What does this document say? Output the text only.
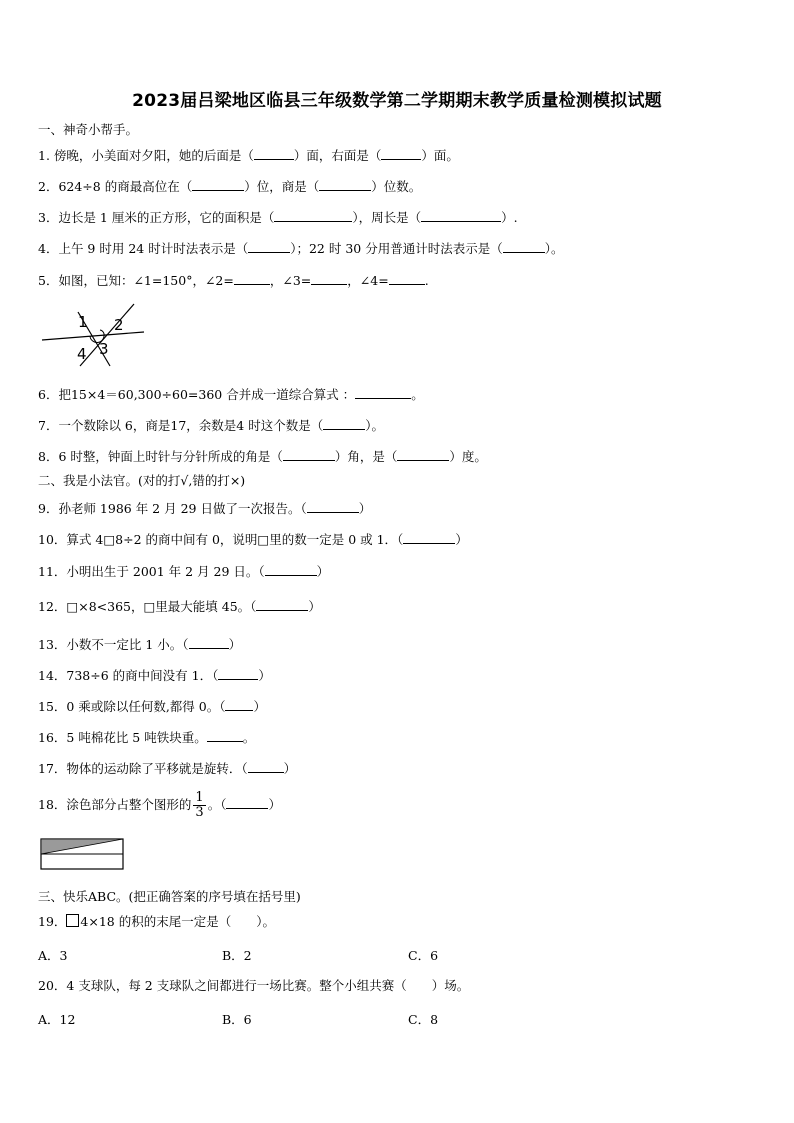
2023届吕梁地区临县三年级数学第二学期期末教学质量检测模拟试题
一、神奇小帮手。
1. 傍晚，小美面对夕阳，她的后面是（	）面，右面是（	）面。
2．624÷8 的商最高位在（	）位，商是（	）位数。
3．边长是 1 厘米的正方形，它的面积是（	），周长是（	）.
4．上午 9 时用 24 时计时法表示是（	）；22 时 30 分用普通计时法表示是（	）。
5．如图，已知：∠1=150°，∠2=	，∠3=	，∠4=	.
1 2
4 3
6．把15×4＝60,300÷60=360 合并成一道综合算式 ：	。
7．一个数除以 6，商是17，余数是4 时这个数是（	）。
8．6 时整，钟面上时针与分针所成的角是（	）角，是（	）度。
二、我是小法官。(对的打√,错的打×)
9．孙老师 1986 年 2 月 29 日做了一次报告。（	）
10．算式 4□8÷2 的商中间有 0，说明□里的数一定是 0 或 1．（	）
11．小明出生于 2001 年 2 月 29 日。（	）
12．□×8<365，□里最大能填 45。（	）
13．小数不一定比 1 小。（	）
14．738÷6 的商中间没有 1．（	）
15．0 乘或除以任何数,都得 0。（ ）
16．5 吨棉花比 5 吨铁块重。	。
17．物体的运动除了平移就是旋转．（	）
18．涂色部分占整个图形的 $\frac{1}{3}$ 。（	）
三、快乐ABC。(把正确答案的序号填在括号里)
19． 4×18 的积的末尾一定是（　　）。
A．3	B．2	C．6
20．4 支球队，每 2 支球队之间都进行一场比赛。整个小组共赛（　　）场。
A．12	B．6	C．8
